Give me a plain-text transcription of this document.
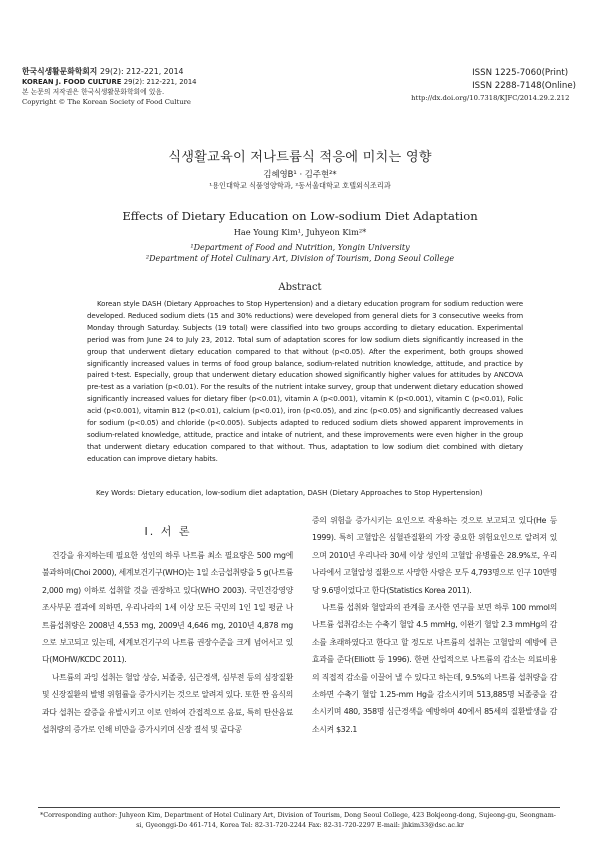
한국식생활문화학회지 29(2): 212-221, 2014
KOREAN J. FOOD CULTURE 29(2): 212-221, 2014
본 논문의 저작권은 한국식생활문화학회에 있음.
Copyright © The Korean Society of Food Culture
ISSN 1225-7060(Print)
ISSN 2288-7148(Online)
http://dx.doi.org/10.7318/KJFC/2014.29.2.212
식생활교육이 저나트륨식 적응에 미치는 영향
김혜영B¹ · 김주현²*
¹용인대학교 식품영양학과, ²동서울대학교 호텔외식조리과
Effects of Dietary Education on Low-sodium Diet Adaptation
Hae Young Kim¹, Juhyeon Kim²*
¹Department of Food and Nutrition, Yongin University
²Department of Hotel Culinary Art, Division of Tourism, Dong Seoul College
Abstract

Korean style DASH (Dietary Approaches to Stop Hypertension) and a dietary education program for sodium reduction were developed. Reduced sodium diets (15 and 30% reductions) were developed from general diets for 3 consecutive weeks from Monday through Saturday. Subjects (19 total) were classified into two groups according to dietary education. Experimental period was from June 24 to July 23, 2012. Total sum of adaptation scores for low sodium diets significantly increased in the group that underwent dietary education compared to that without (p<0.05). After the experiment, both groups showed significantly increased values in terms of food group balance, sodium-related nutrition knowledge, attitude, and practice by paired t-test. Especially, group that underwent dietary education showed significantly higher values for attitudes by ANCOVA pre-test as a variation (p<0.01). For the results of the nutrient intake survey, group that underwent dietary education showed significantly increased values for dietary fiber (p<0.01), vitamin A (p<0.001), vitamin K (p<0.001), vitamin C (p<0.01), Folic acid (p<0.001), vitamin B12 (p<0.01), calcium (p<0.01), iron (p<0.05), and zinc (p<0.05) and significantly decreased values for sodium (p<0.05) and chloride (p<0.005). Subjects adapted to reduced sodium diets showed apparent improvements in sodium-related knowledge, attitude, practice and intake of nutrient, and these improvements were even higher in the group that underwent dietary education compared to that without. Thus, adaptation to low sodium diet combined with dietary education can improve dietary habits.

Key Words: Dietary education, low-sodium diet adaptation, DASH (Dietary Approaches to Stop Hypertension)
I. 서 론

건강을 유지하는데 필요한 성인의 하루 나트륨 최소 필요량은 500 mg에 불과하며(Choi 2000), 세계보건기구(WHO)는 1일 소금섭취량을 5 g(나트륨 2,000 mg) 이하로 섭취할 것을 권장하고 있다(WHO 2003). 국민건강영양조사부문 결과에 의하면, 우리나라의 1세 이상 모든 국민의 1인 1일 평균 나트륨섭취량은 2008년 4,553 mg, 2009년 4,646 mg, 2010년 4,878 mg으로 보고되고 있는데, 세계보건기구의 나트륨 권장수준을 크게 넘어서고 있다(MOHW/KCDC 2011).

나트륨의 과잉 섭취는 혈압 상승, 뇌졸중, 심근경색, 심부전 등의 심장질환 및 신장질환의 발병 위험률을 증가시키는 것으로 알려져 있다. 또한 짠 음식의 과다 섭취는 갈증을 유발시키고 이로 인하여 간접적으로 음료, 특히 탄산음료 섭취량의 증가로 인해 비만을 증가시키며 신장 결석 및 골다공

증의 위험을 증가시키는 요인으로 작용하는 것으로 보고되고 있다(He 등 1999). 특히 고혈압은 심혈관질환의 가장 중요한 위험요인으로 알려져 있으며 2010년 우리나라 30세 이상 성인의 고혈압 유병률은 28.9%로, 우리나라에서 고혈압성 질환으로 사망한 사람은 모두 4,793명으로 인구 10만명당 9.6명이었다고 한다(Statistics Korea 2011).

나트륨 섭취와 혈압과의 관계를 조사한 연구를 보면 하루 100 mmol의 나트륨 섭취감소는 수축기 혈압 4.5 mmHg, 이완기 혈압 2.3 mmHg의 감소를 초래하였다고 한다고 할 정도로 나트륨의 섭취는 고혈압의 예방에 큰 효과를 준다(Elliott 등 1996). 한편 산업적으로 나트륨의 감소는 의료비용의 직접적 감소를 이끌어 낼 수 있다고 하는데, 9.5%의 나트륨 섭취량을 감소하면 수축기 혈압 1.25-mm Hg을 감소시키며 513,885명 뇌졸중을 감소시키며 480, 358명 심근경색을 예방하며 40에서 85세의 질환발생을 감소시켜 $32.1

*Corresponding author: Juhyeon Kim, Department of Hotel Culinary Art, Division of Tourism, Dong Seoul College, 423 Bokjeong-dong, Sujeong-gu, Seongnam-
si, Gyeonggi-Do 461-714, Korea Tel: 82-31-720-2244 Fax: 82-31-720-2297 E-mail: jhkim33@dsc.ac.kr
